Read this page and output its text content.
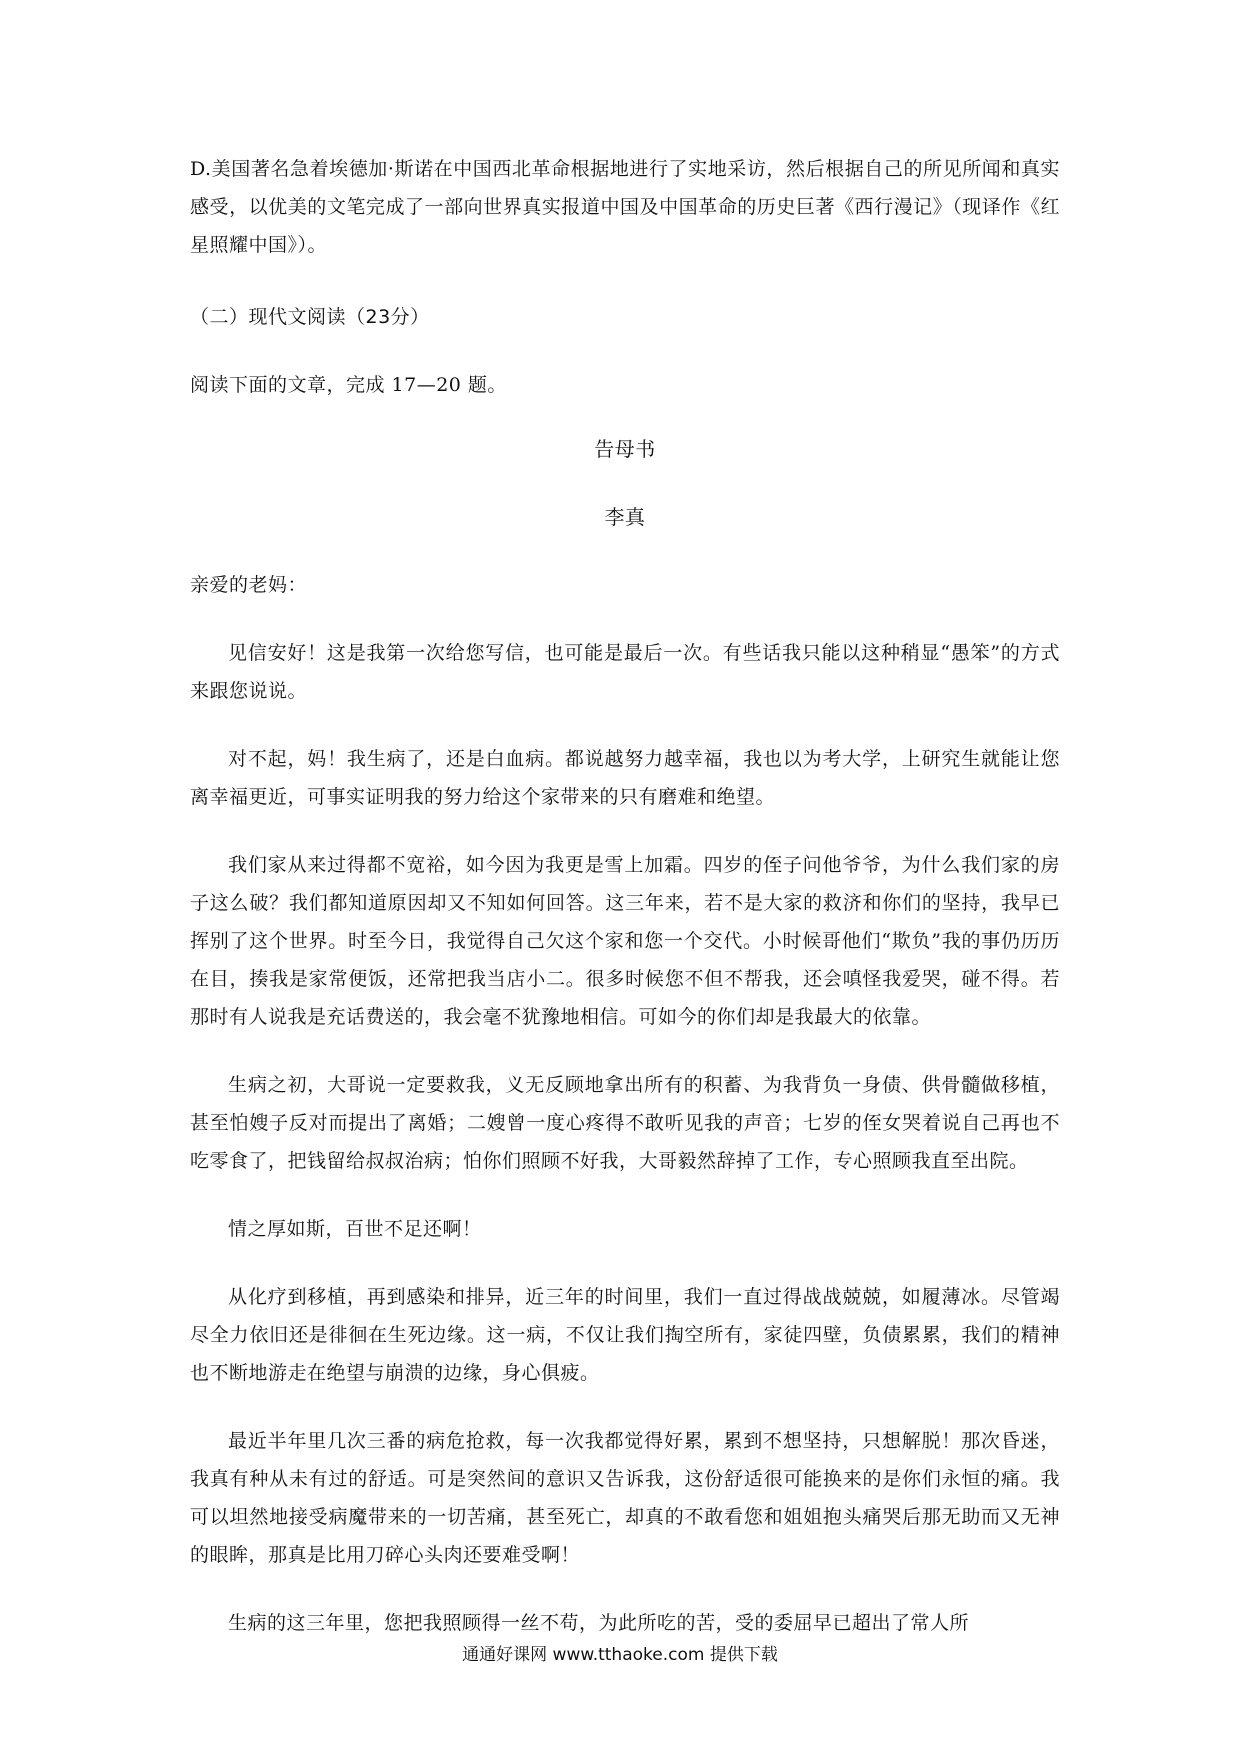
D.美国著名急着埃德加·斯诺在中国西北革命根据地进行了实地采访，然后根据自己的所见所闻和真实感受，以优美的文笔完成了一部向世界真实报道中国及中国革命的历史巨著《西行漫记》（现译作《红星照耀中国》）。

（二）现代文阅读（23分）

阅读下面的文章，完成 17—20 题。

告母书

李真

亲爱的老妈：

见信安好！这是我第一次给您写信，也可能是最后一次。有些话我只能以这种稍显“愚笨”的方式来跟您说说。

对不起，妈！我生病了，还是白血病。都说越努力越幸福，我也以为考大学，上研究生就能让您离幸福更近，可事实证明我的努力给这个家带来的只有磨难和绝望。

我们家从来过得都不宽裕，如今因为我更是雪上加霜。四岁的侄子问他爷爷，为什么我们家的房子这么破？我们都知道原因却又不知如何回答。这三年来，若不是大家的救济和你们的坚持，我早已挥别了这个世界。时至今日，我觉得自己欠这个家和您一个交代。小时候哥他们“欺负”我的事仍历历在目，揍我是家常便饭，还常把我当店小二。很多时候您不但不帮我，还会嗔怪我爱哭，碰不得。若那时有人说我是充话费送的，我会毫不犹豫地相信。可如今的你们却是我最大的依靠。

生病之初，大哥说一定要救我，义无反顾地拿出所有的积蓄、为我背负一身债、供骨髓做移植，甚至怕嫂子反对而提出了离婚；二嫂曾一度心疼得不敢听见我的声音；七岁的侄女哭着说自己再也不吃零食了，把钱留给叔叔治病；怕你们照顾不好我，大哥毅然辞掉了工作，专心照顾我直至出院。

情之厚如斯，百世不足还啊！

从化疗到移植，再到感染和排异，近三年的时间里，我们一直过得战战兢兢，如履薄冰。尽管竭尽全力依旧还是徘徊在生死边缘。这一病，不仅让我们掏空所有，家徒四壁，负债累累，我们的精神也不断地游走在绝望与崩溃的边缘，身心俱疲。

最近半年里几次三番的病危抢救，每一次我都觉得好累，累到不想坚持，只想解脱！那次昏迷，我真有种从未有过的舒适。可是突然间的意识又告诉我，这份舒适很可能换来的是你们永恒的痛。我可以坦然地接受病魔带来的一切苦痛，甚至死亡，却真的不敢看您和姐姐抱头痛哭后那无助而又无神的眼眸，那真是比用刀碎心头肉还要难受啊！

生病的这三年里，您把我照顾得一丝不苟，为此所吃的苦，受的委屈早已超出了常人所

通通好课网 www.tthaoke.com 提供下载
